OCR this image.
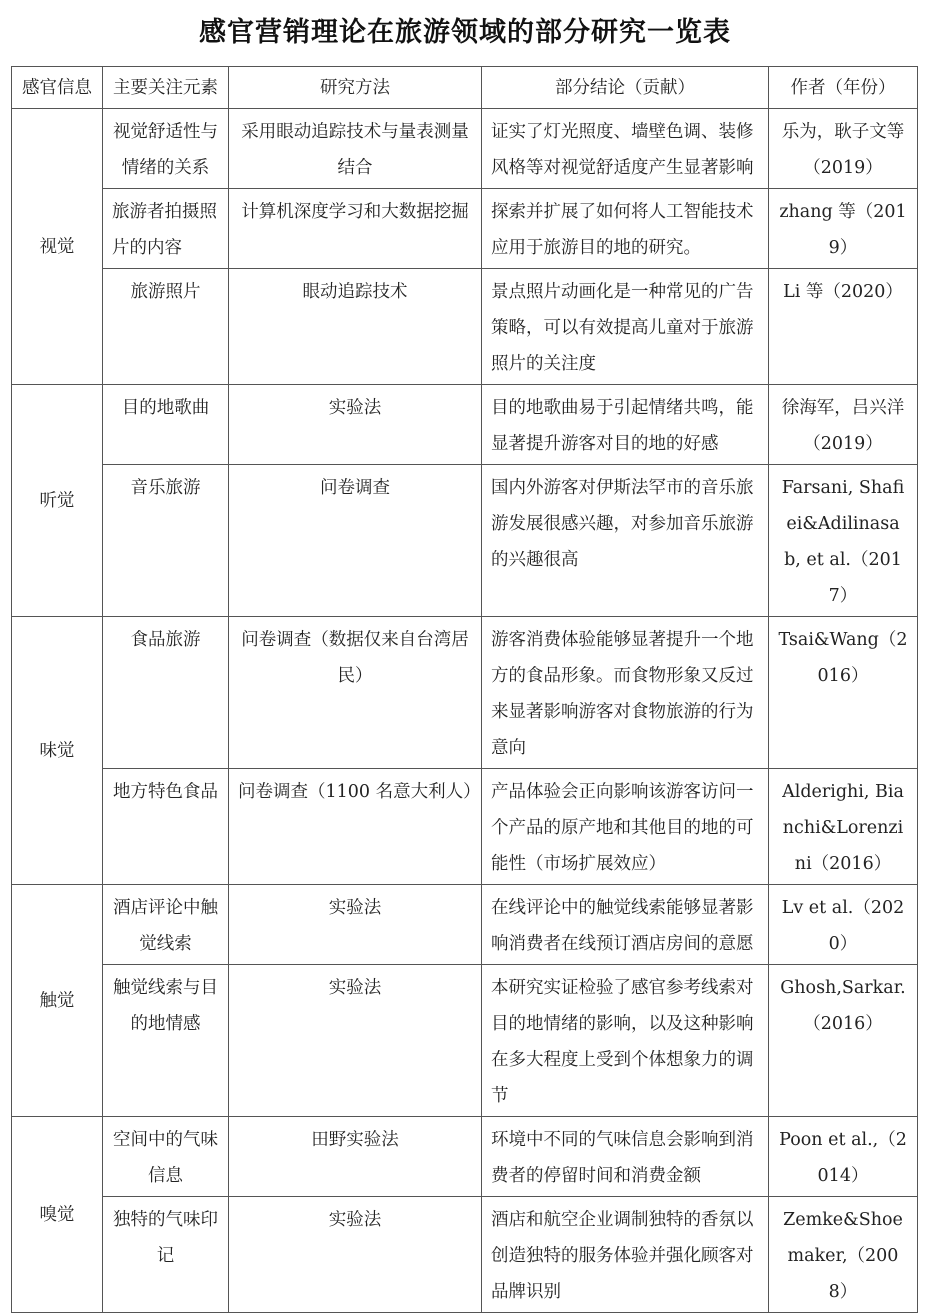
感官营销理论在旅游领域的部分研究一览表
感官信息	主要关注元素	研究方法	部分结论（贡献）	作者（年份）
视觉	视觉舒适性与情绪的关系	采用眼动追踪技术与量表测量结合	证实了灯光照度、墙壁色调、装修风格等对视觉舒适度产生显著影响	乐为，耿子文等（2019）
	旅游者拍摄照片的内容	计算机深度学习和大数据挖掘	探索并扩展了如何将人工智能技术应用于旅游目的地的研究。	zhang 等（2019）
	旅游照片	眼动追踪技术	景点照片动画化是一种常见的广告策略，可以有效提高儿童对于旅游照片的关注度	Li 等（2020）
听觉	目的地歌曲	实验法	目的地歌曲易于引起情绪共鸣，能显著提升游客对目的地的好感	徐海军，吕兴洋（2019）
	音乐旅游	问卷调查	国内外游客对伊斯法罕市的音乐旅游发展很感兴趣，对参加音乐旅游的兴趣很高	Farsani, Shafiei&Adilinasab, et al.（2017）
味觉	食品旅游	问卷调查（数据仅来自台湾居民）	游客消费体验能够显著提升一个地方的食品形象。而食物形象又反过来显著影响游客对食物旅游的行为意向	Tsai&Wang（2016）
	地方特色食品	问卷调查（1100 名意大利人）	产品体验会正向影响该游客访问一个产品的原产地和其他目的地的可能性（市场扩展效应）	Alderighi, Bianchi&Lorenzini（2016）
触觉	酒店评论中触觉线索	实验法	在线评论中的触觉线索能够显著影响消费者在线预订酒店房间的意愿	Lv et al.（2020）
	触觉线索与目的地情感	实验法	本研究实证检验了感官参考线索对目的地情绪的影响，以及这种影响在多大程度上受到个体想象力的调节	Ghosh,Sarkar.（2016）
嗅觉	空间中的气味信息	田野实验法	环境中不同的气味信息会影响到消费者的停留时间和消费金额	Poon et al.,（2014）
	独特的气味印记	实验法	酒店和航空企业调制独特的香氛以创造独特的服务体验并强化顾客对品牌识别	Zemke&Shoemaker,（2008）
